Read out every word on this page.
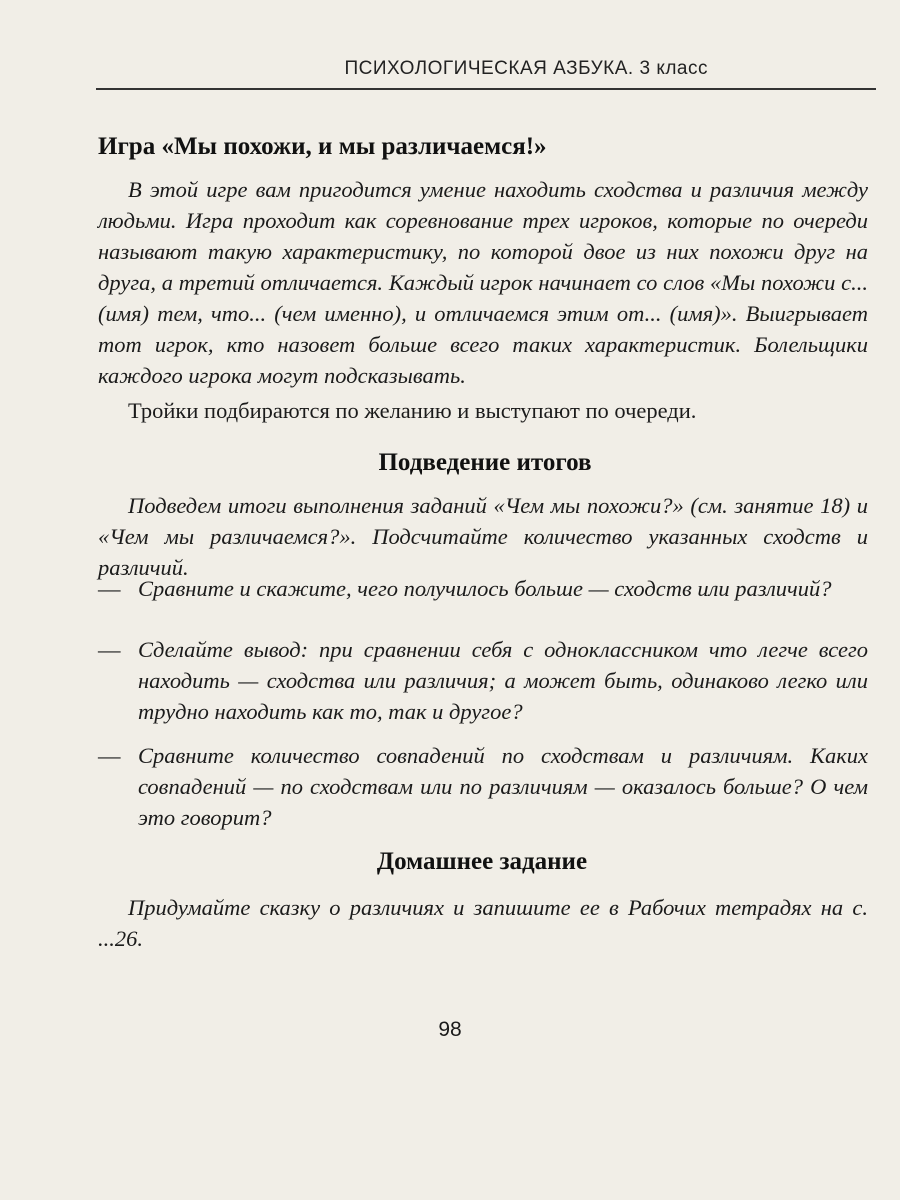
ПСИХОЛОГИЧЕСКАЯ АЗБУКА. 3 класс
Игра «Мы похожи, и мы различаемся!»
В этой игре вам пригодится умение находить сходства и различия между людьми. Игра проходит как соревнование трех игроков, которые по очереди называют такую характеристику, по которой двое из них похожи друг на друга, а третий отличается. Каждый игрок начинает со слов «Мы похожи с... (имя) тем, что... (чем именно), и отличаемся этим от... (имя)». Выигрывает тот игрок, кто назовет больше всего таких характеристик. Болельщики каждого игрока могут подсказывать.
Тройки подбираются по желанию и выступают по очереди.
Подведение итогов
Подведем итоги выполнения заданий «Чем мы похожи?» (см. занятие 18) и «Чем мы различаемся?». Подсчитайте количество указанных сходств и различий.
— Сравните и скажите, чего получилось больше — сходств или различий?
— Сделайте вывод: при сравнении себя с одноклассником что легче всего находить — сходства или различия; а может быть, одинаково легко или трудно находить как то, так и другое?
— Сравните количество совпадений по сходствам и различиям. Каких совпадений — по сходствам или по различиям — оказалось больше? О чем это говорит?
Домашнее задание
Придумайте сказку о различиях и запишите ее в Рабочих тетрадях на с. ...26.
98
